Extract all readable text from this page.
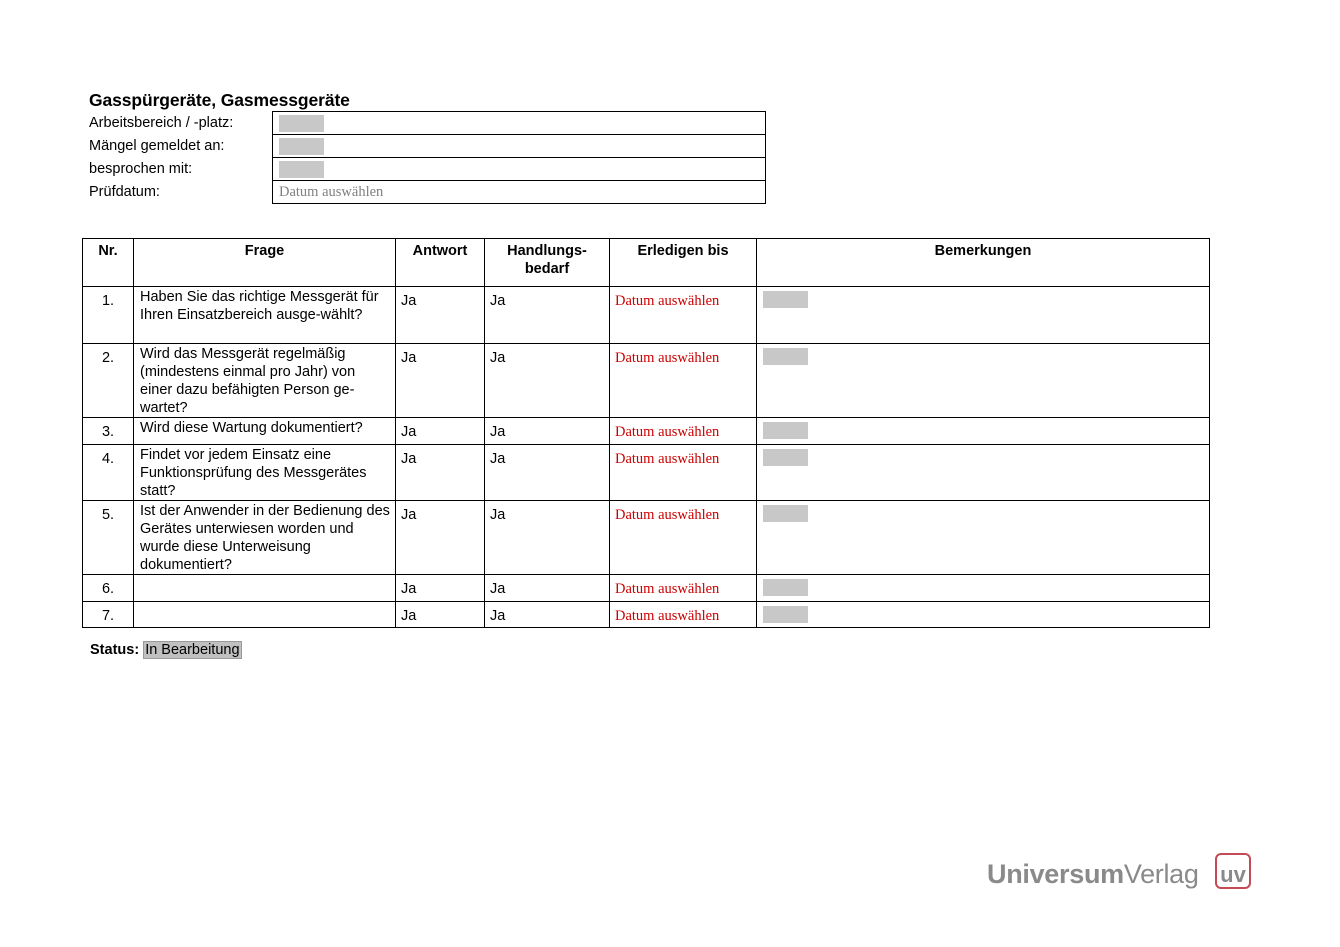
Gasspürgeräte, Gasmessgeräte
Arbeitsbereich / -platz:	
Mängel gemeldet an:	
besprochen mit:	
Prüfdatum:	Datum auswählen
Nr.	Frage	Antwort	Handlungs- bedarf	Erledigen bis	Bemerkungen
1.	Haben Sie das richtige Messgerät für Ihren Einsatzbereich ausge-wählt?	Ja	Ja	Datum auswählen	
2.	Wird das Messgerät regelmäßig (mindestens einmal pro Jahr) von einer dazu befähigten Person ge-wartet?	Ja	Ja	Datum auswählen	
3.	Wird diese Wartung dokumentiert?	Ja	Ja	Datum auswählen	
4.	Findet vor jedem Einsatz eine Funktionsprüfung des Messgerätes statt?	Ja	Ja	Datum auswählen	
5.	Ist der Anwender in der Bedienung des Gerätes unterwiesen worden und wurde diese Unterweisung dokumentiert?	Ja	Ja	Datum auswählen	
6.		Ja	Ja	Datum auswählen	
7.		Ja	Ja	Datum auswählen	
Status: In Bearbeitung
UniversumVerlag uv
